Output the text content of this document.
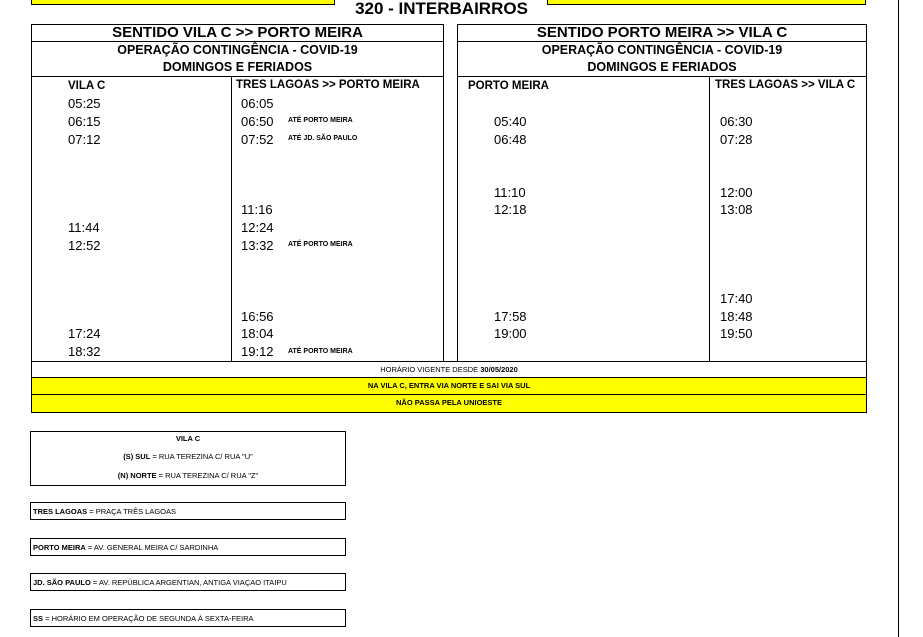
320 - INTERBAIRROS
SENTIDO VILA C >> PORTO MEIRA
OPERAÇÃO CONTINGÊNCIA - COVID-19
DOMINGOS E FERIADOS
VILA C	TRES LAGOAS >> PORTO MEIRA
05:25
06:15
07:12
11:44
12:52
17:24
18:32
06:05
06:50
07:52
11:16
12:24
13:32
16:56
18:04
19:12
ATÉ PORTO MEIRA
ATÉ JD. SÃO PAULO
ATÉ PORTO MEIRA
ATÉ PORTO MEIRA
SENTIDO PORTO MEIRA >> VILA C
OPERAÇÃO CONTINGÊNCIA - COVID-19
DOMINGOS E FERIADOS
PORTO MEIRA	TRES LAGOAS >> VILA C
05:40
06:48
11:10
12:18
17:58
19:00
06:30
07:28
12:00
13:08
17:40
18:48
19:50
HORÁRIO VIGENTE DESDE 30/05/2020
NA VILA C, ENTRA VIA NORTE E SAI VIA SUL
NÃO PASSA PELA UNIOESTE
VILA C
(S) SUL = RUA TEREZINA C/ RUA "U"
(N) NORTE = RUA TEREZINA C/ RUA "Z"
TRES LAGOAS = PRAÇA TRÊS LAGOAS
PORTO MEIRA = AV. GENERAL MEIRA C/ SARDINHA
JD. SÃO PAULO = AV. REPÚBLICA ARGENTIAN, ANTIGA VIAÇAO ITAIPU
SS = HORÁRIO EM OPERAÇÃO DE SEGUNDA À SEXTA-FEIRA
